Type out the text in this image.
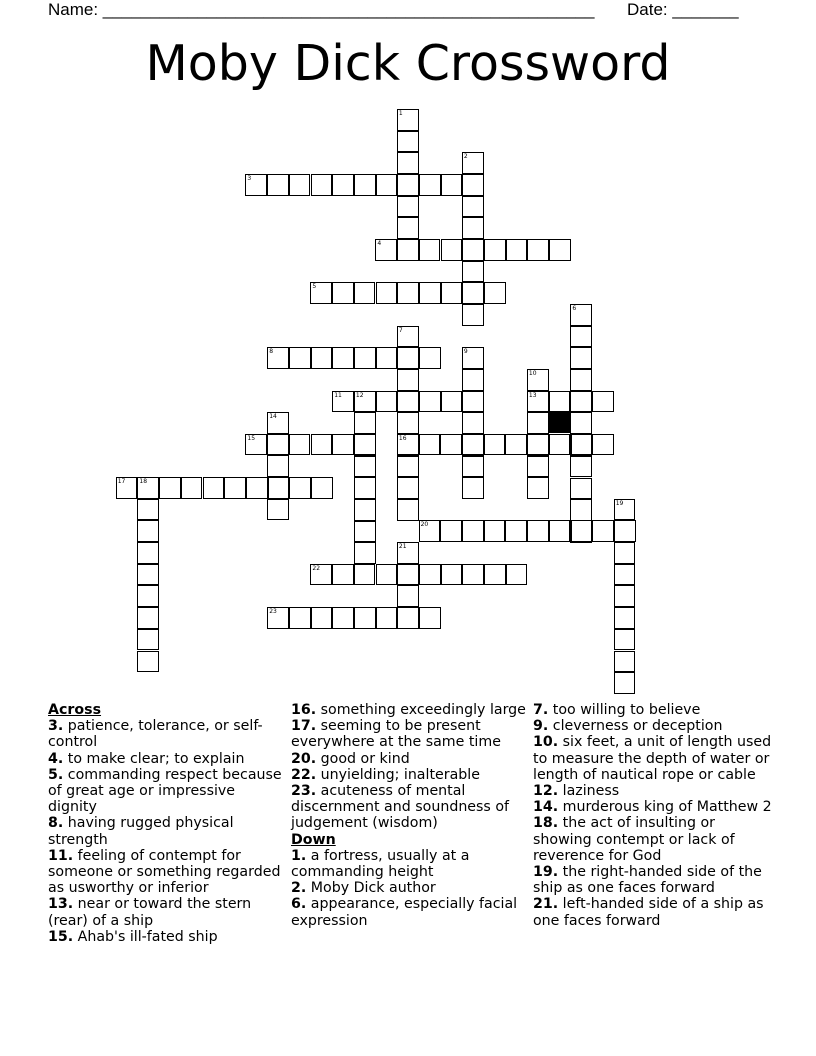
Name: ____________________________________________________ Date: _______
Moby Dick Crossword
1
2
3
4
5
6
7
8	9
10
11 12	13
14
15	16
17 18
19
20
21
22
23
Across
3. patience, tolerance, or self-control
4. to make clear; to explain
5. commanding respect because of great age or impressive dignity
8. having rugged physical strength
11. feeling of contempt for someone or something regarded as usworthy or inferior
13. near or toward the stern (rear) of a ship
15. Ahab's ill-fated ship
16. something exceedingly large
17. seeming to be present everywhere at the same time
20. good or kind
22. unyielding; inalterable
23. acuteness of mental discernment and soundness of judgement (wisdom)
Down
1. a fortress, usually at a commanding height
2. Moby Dick author
6. appearance, especially facial expression
7. too willing to believe
9. cleverness or deception
10. six feet, a unit of length used to measure the depth of water or length of nautical rope or cable
12. laziness
14. murderous king of Matthew 2
18. the act of insulting or showing contempt or lack of reverence for God
19. the right-handed side of the ship as one faces forward
21. left-handed side of a ship as one faces forward
